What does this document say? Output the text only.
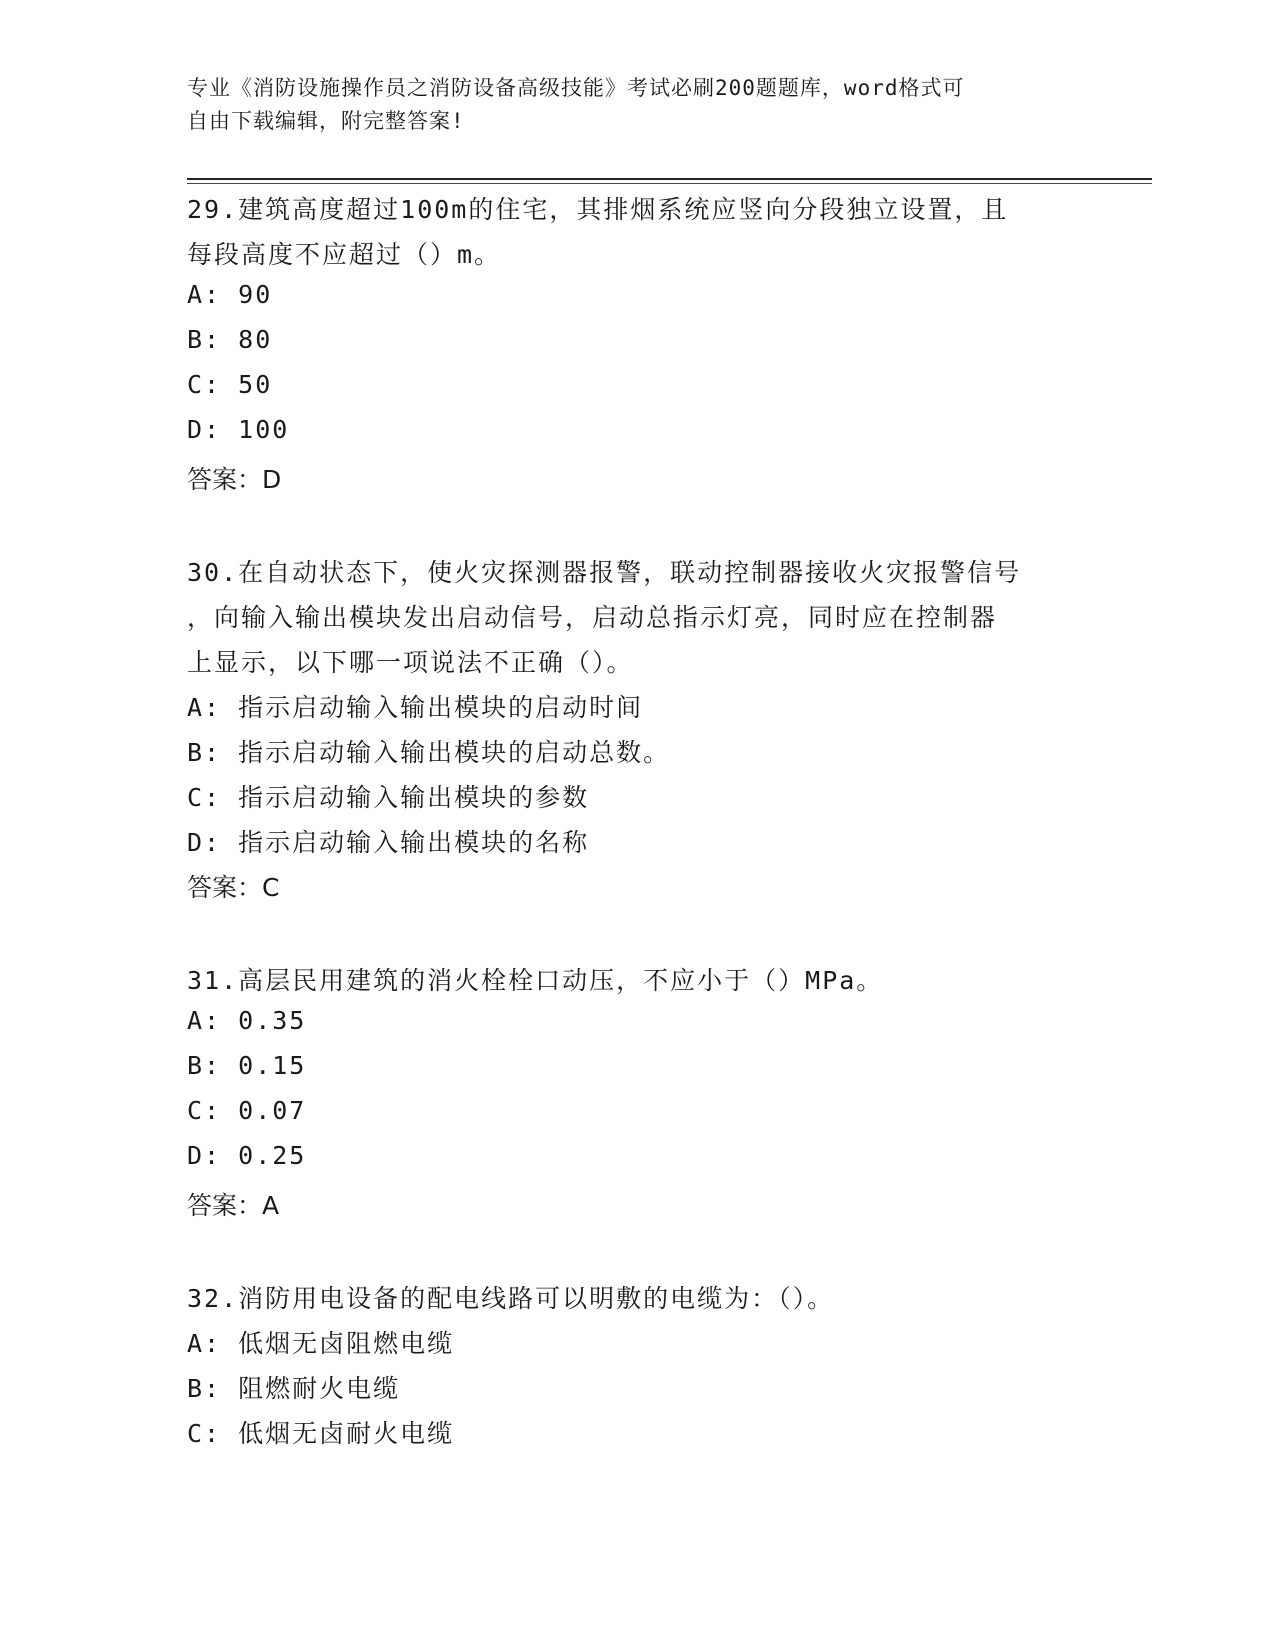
专业《消防设施操作员之消防设备高级技能》考试必刷200题题库，word格式可
自由下载编辑，附完整答案!
29.建筑高度超过100m的住宅，其排烟系统应竖向分段独立设置，且
每段高度不应超过（）m。
A: 90
B: 80
C: 50
D: 100
答案：D
30.在自动状态下，使火灾探测器报警，联动控制器接收火灾报警信号
，向输入输出模块发出启动信号，启动总指示灯亮，同时应在控制器
上显示，以下哪一项说法不正确（）。
A: 指示启动输入输出模块的启动时间
B: 指示启动输入输出模块的启动总数。
C: 指示启动输入输出模块的参数
D: 指示启动输入输出模块的名称
答案：C
31.高层民用建筑的消火栓栓口动压，不应小于（）MPa。
A: 0.35
B: 0.15
C: 0.07
D: 0.25
答案：A
32.消防用电设备的配电线路可以明敷的电缆为：（）。
A: 低烟无卤阻燃电缆
B: 阻燃耐火电缆
C: 低烟无卤耐火电缆
